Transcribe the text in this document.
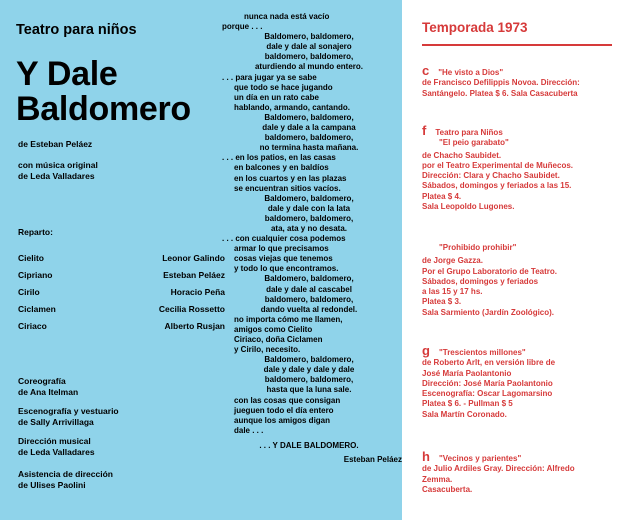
Teatro para niños
Y Dale
Baldomero
de Esteban Peláez
con música original
de Leda Valladares
Reparto:
Cielito	Leonor Galindo
Cipriano	Esteban Peláez
Cirilo	Horacio Peña
Ciclamen	Cecilia Rossetto
Ciriaco	Alberto Rusjan
Coreografía
de Ana Itelman
Escenografía y vestuario
de Sally Arrivillaga
Dirección musical
de Leda Valladares
Asistencia de dirección
de Ulises Paolini
nunca nada está vacío
porque . . .
Baldomero, baldomero,
dale y dale al sonajero
baldomero, baldomero,
aturdiendo al mundo entero.
. . . para jugar ya se sabe
que todo se hace jugando
un día en un rato cabe
hablando, armando, cantando.
Baldomero, baldomero,
dale y dale a la campana
baldomero, baldomero,
no termina hasta mañana.
. . . en los patios, en las casas
en balcones y en baldíos
en los cuartos y en las plazas
se encuentran sitios vacíos.
Baldomero, baldomero,
dale y dale con la lata
baldomero, baldomero,
ata, ata y no desata.
. . . con cualquier cosa podemos
armar lo que precisamos
cosas viejas que tenemos
y todo lo que encontramos.
Baldomero, baldomero,
dale y dale al cascabel
baldomero, baldomero,
dando vuelta al redondel.
no importa cómo me llamen,
amigos como Cielito
Ciriaco, doña Ciclamen
y Cirilo, necesito.
Baldomero, baldomero,
dale y dale y dale y dale
baldomero, baldomero,
hasta que la luna sale.
con las cosas que consigan
jueguen todo el día entero
aunque los amigos digan
dale . . .
. . . Y DALE BALDOMERO.
Esteban Peláez
Temporada 1973
c "He visto a Dios"
de Francisco Defilippis Novoa. Dirección:
Santángelo. Platea $ 6. Sala Casacuberta
f Teatro para Niños
"El peio garabato"
de Chacho Saubidet.
por el Teatro Experimental de Muñecos.
Dirección: Clara y Chacho Saubidet.
Sábados, domingos y feriados a las 15.
Platea $ 4.
Sala Leopoldo Lugones.
"Prohibido prohibir"
de Jorge Gazza.
Por el Grupo Laboratorio de Teatro.
Sábados, domingos y feriados
a las 15 y 17 hs.
Platea $ 3.
Sala Sarmiento (Jardín Zoológico).
g "Trescientos millones"
de Roberto Arlt, en versión libre de
José María Paolantonio
Dirección: José María Paolantonio
Escenografía: Oscar Lagomarsino
Platea $ 6. - Pullman $ 5
Sala Martín Coronado.
h "Vecinos y parientes"
de Julio Ardiles Gray. Dirección: Alfredo
Zemma.
Casacuberta.
